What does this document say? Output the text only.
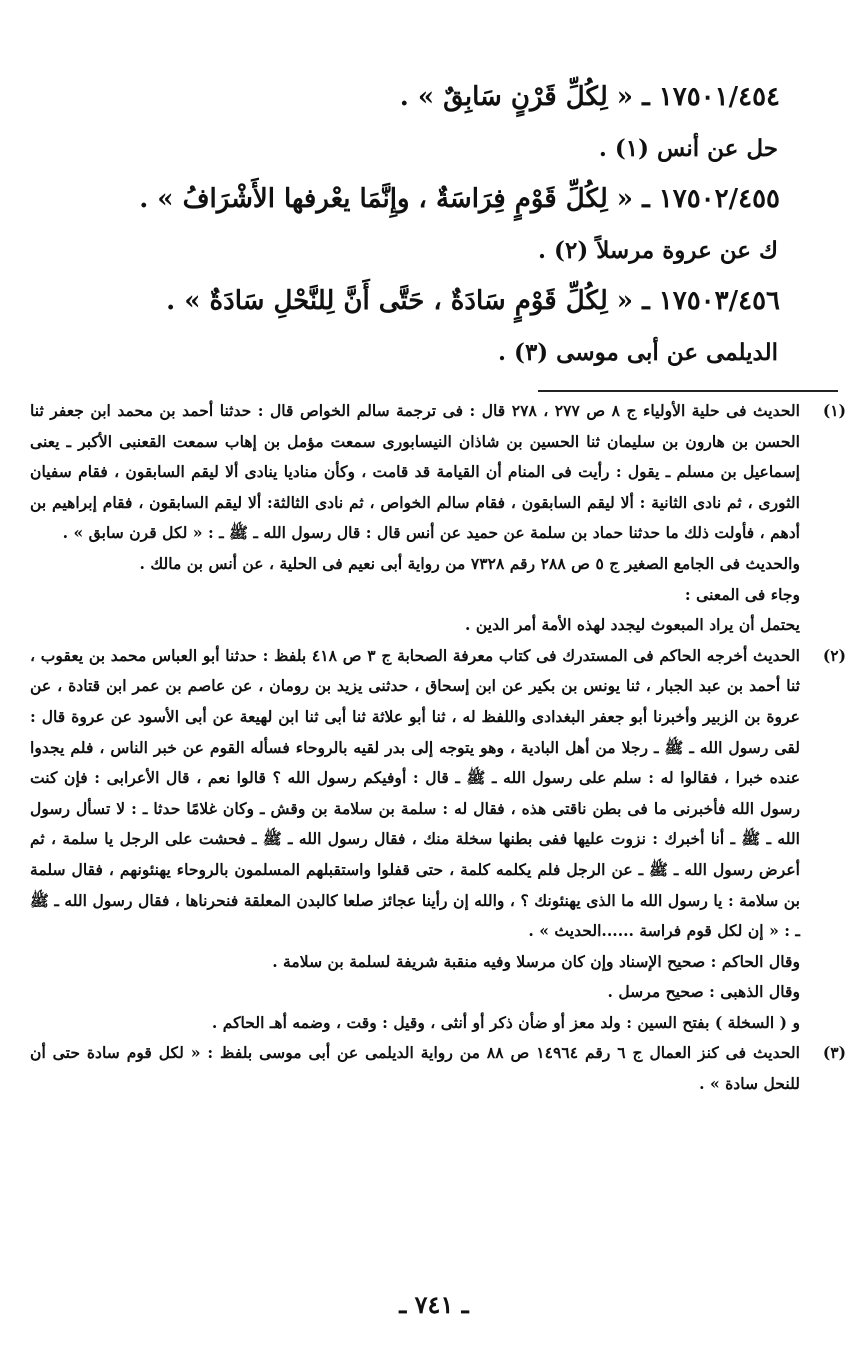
١٧٥٠١/٤٥٤ ـ « لِكُلِّ قَرْنٍ سَابِقٌ » .
حل عن أنس (١) .
١٧٥٠٢/٤٥٥ ـ « لِكُلِّ قَوْمٍ فِرَاسَةٌ ، وإِنَّمَا يعْرفها الأَشْرَافُ » .
ك عن عروة مرسلاً (٢) .
١٧٥٠٣/٤٥٦ ـ « لِكُلِّ قَوْمٍ سَادَةٌ ، حَتَّى أَنَّ لِلنَّحْلِ سَادَةٌ » .
الديلمى عن أبى موسى (٣) .
(١)

الحديث فى حلية الأولياء ج ٨ ص ٢٧٧ ، ٢٧٨ قال : فى ترجمة سالم الخواص قال : حدثنا أحمد بن محمد ابن جعفر ثنا الحسن بن هارون بن سليمان ثنا الحسين بن شاذان النيسابورى سمعت مؤمل بن إهاب سمعت القعنبى الأكبر ـ يعنى إسماعيل بن مسلم ـ يقول : رأيت فى المنام أن القيامة قد قامت ، وكأن مناديا ينادى ألا ليقم السابقون ، فقام سفيان الثورى ، ثم نادى الثانية : ألا ليقم السابقون ، فقام سالم الخواص ، ثم نادى الثالثة: ألا ليقم السابقون ، فقام إبراهيم بن أدهم ، فأولت ذلك ما حدثنا حماد بن سلمة عن حميد عن أنس قال : قال رسول الله ـ ﷺ ـ : « لكل قرن سابق » .

والحديث فى الجامع الصغير ج ٥ ص ٢٨٨ رقم ٧٣٢٨ من رواية أبى نعيم فى الحلية ، عن أنس بن مالك .

وجاء فى المعنى :

يحتمل أن يراد المبعوث ليجدد لهذه الأمة أمر الدين .

(٢)

الحديث أخرجه الحاكم فى المستدرك فى كتاب معرفة الصحابة ج ٣ ص ٤١٨ بلفظ : حدثنا أبو العباس محمد بن يعقوب ، ثنا أحمد بن عبد الجبار ، ثنا يونس بن بكير عن ابن إسحاق ، حدثنى يزيد بن رومان ، عن عاصم بن عمر ابن قتادة ، عن عروة بن الزبير وأخبرنا أبو جعفر البغدادى واللفظ له ، ثنا أبو علاثة ثنا أبى ثنا ابن لهيعة عن أبى الأسود عن عروة قال : لقى رسول الله ـ ﷺ ـ رجلا من أهل البادية ، وهو يتوجه إلى بدر لقيه بالروحاء فسأله القوم عن خبر الناس ، فلم يجدوا عنده خبرا ، فقالوا له : سلم على رسول الله ـ ﷺ ـ قال : أوفيكم رسول الله ؟ قالوا نعم ، قال الأعرابى : فإن كنت رسول الله فأخبرنى ما فى بطن ناقتى هذه ، فقال له : سلمة بن سلامة بن وقش ـ وكان غلامًا حدثا ـ : لا تسأل رسول الله ـ ﷺ ـ أنا أخبرك : نزوت عليها ففى بطنها سخلة منك ، فقال رسول الله ـ ﷺ ـ فحشت على الرجل يا سلمة ، ثم أعرض رسول الله ـ ﷺ ـ عن الرجل فلم يكلمه كلمة ، حتى قفلوا واستقبلهم المسلمون بالروحاء يهنئونهم ، فقال سلمة بن سلامة : يا رسول الله ما الذى يهنئونك ؟ ، والله إن رأينا عجائز صلعا كالبدن المعلقة فنحرناها ، فقال رسول الله ـ ﷺ ـ : « إن لكل قوم فراسة ......الحديث » .

وقال الحاكم : صحيح الإسناد وإن كان مرسلا وفيه منقبة شريفة لسلمة بن سلامة .

وقال الذهبى : صحيح مرسل .

و ( السخلة ) بفتح السين : ولد معز أو ضأن ذكر أو أنثى ، وقيل : وقت ، وضمه أهـ الحاكم .

(٣)

الحديث فى كنز العمال ج ٦ رقم ١٤٩٦٤ ص ٨٨ من رواية الديلمى عن أبى موسى بلفظ : « لكل قوم سادة حتى أن للنحل سادة » .

ـ ٧٤١ ـ
